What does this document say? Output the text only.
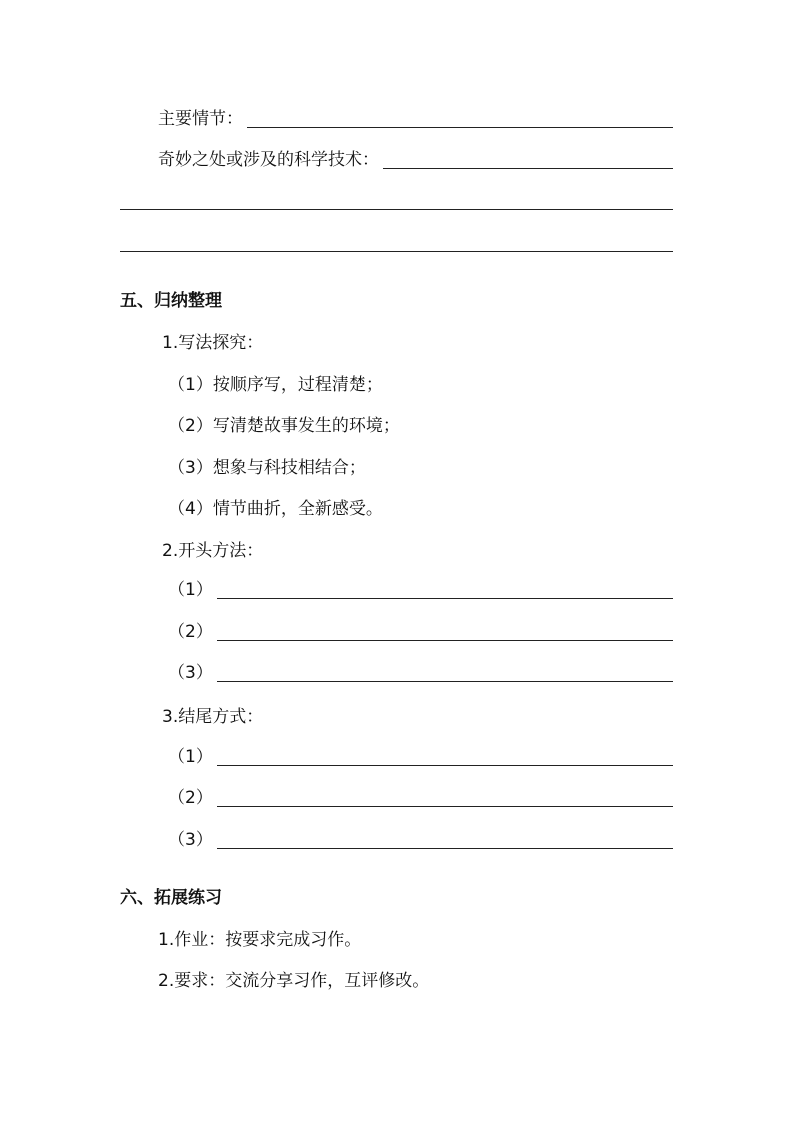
主要情节：
奇妙之处或涉及的科学技术：
五、归纳整理
1.写法探究：
（1）按顺序写，过程清楚；
（2）写清楚故事发生的环境；
（3）想象与科技相结合；
（4）情节曲折，全新感受。
2.开头方法：
（1）
（2）
（3）
3.结尾方式：
（1）
（2）
（3）
六、拓展练习
1.作业：按要求完成习作。
2.要求：交流分享习作，互评修改。
